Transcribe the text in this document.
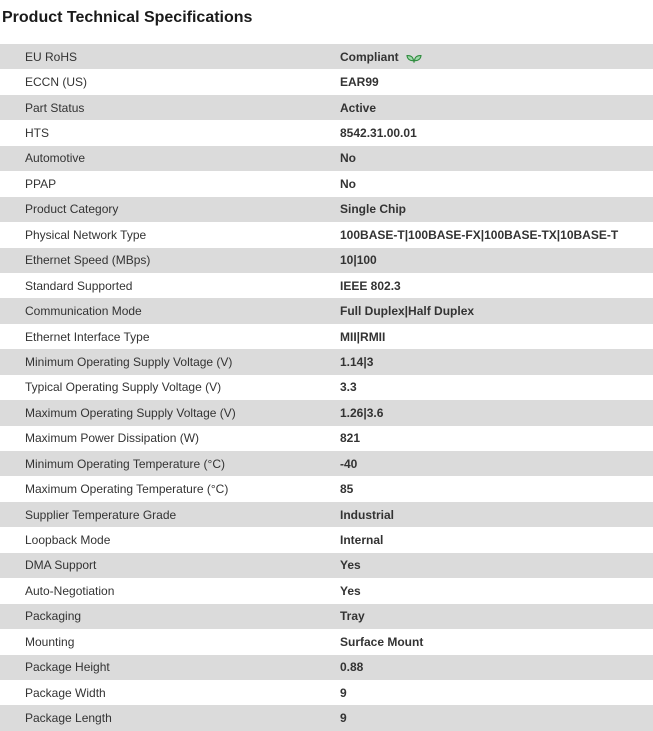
Product Technical Specifications
EU RoHS	Compliant
ECCN (US)	EAR99
Part Status	Active
HTS	8542.31.00.01
Automotive	No
PPAP	No
Product Category	Single Chip
Physical Network Type	100BASE-T|100BASE-FX|100BASE-TX|10BASE-T
Ethernet Speed (MBps)	10|100
Standard Supported	IEEE 802.3
Communication Mode	Full Duplex|Half Duplex
Ethernet Interface Type	MII|RMII
Minimum Operating Supply Voltage (V)	1.14|3
Typical Operating Supply Voltage (V)	3.3
Maximum Operating Supply Voltage (V)	1.26|3.6
Maximum Power Dissipation (W)	821
Minimum Operating Temperature (°C)	-40
Maximum Operating Temperature (°C)	85
Supplier Temperature Grade	Industrial
Loopback Mode	Internal
DMA Support	Yes
Auto-Negotiation	Yes
Packaging	Tray
Mounting	Surface Mount
Package Height	0.88
Package Width	9
Package Length	9
